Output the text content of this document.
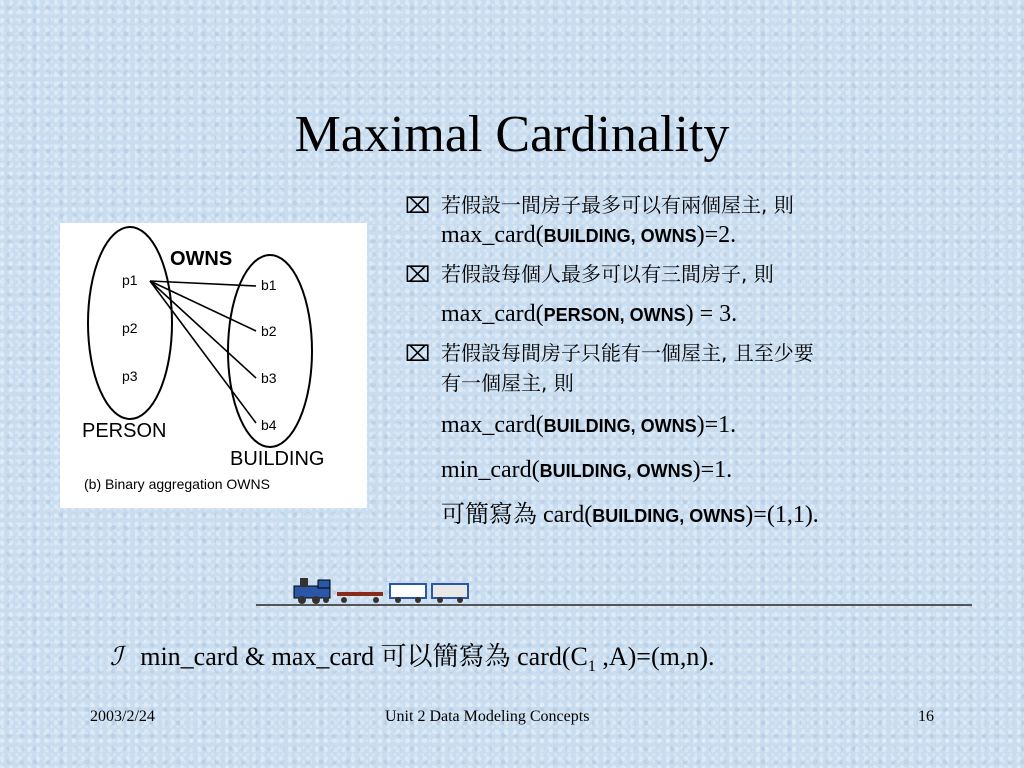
Maximal Cardinality
OWNS
p1
p2
p3
b1
b2
b3
b4
PERSON
BUILDING
(b) Binary aggregation OWNS
⌧ 若假設一間房子最多可以有兩個屋主, 則
max_card(BUILDING, OWNS)=2.
⌧ 若假設每個人最多可以有三間房子, 則
max_card(PERSON, OWNS) = 3.
⌧ 若假設每間房子只能有一個屋主, 且至少要
有一個屋主, 則
max_card(BUILDING, OWNS)=1.
min_card(BUILDING, OWNS)=1.
可簡寫為 card(BUILDING, OWNS)=(1,1).
ℐ min_card & max_card 可以簡寫為 $card(C_1$ ,A)=(m,n).
2003/2/24	Unit 2 Data Modeling Concepts	16
